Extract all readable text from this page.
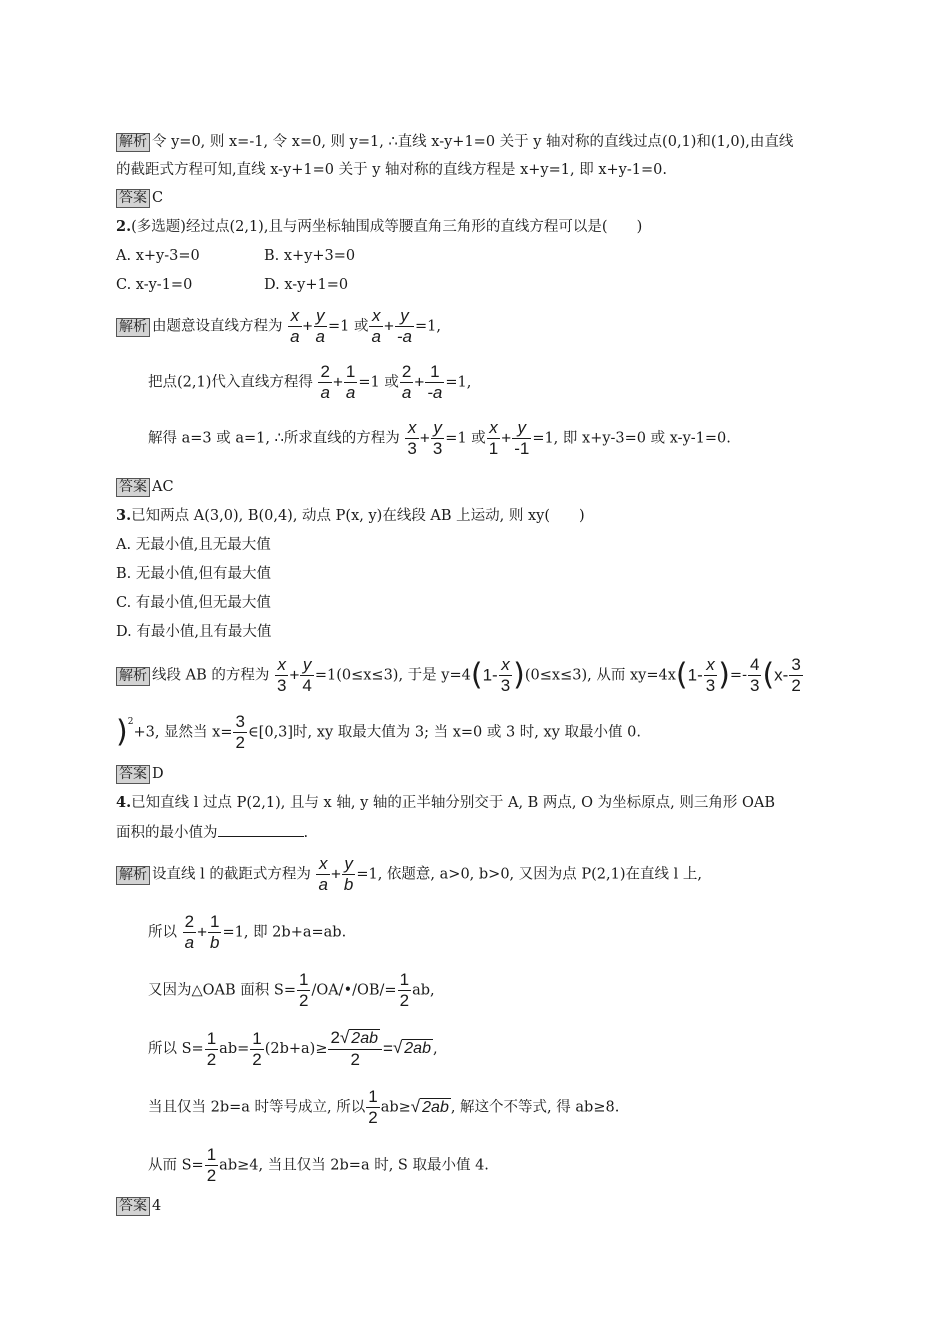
解析 令 y=0, 则 x=-1, 令 x=0, 则 y=1, ∴直线 x-y+1=0 关于 y 轴对称的直线过点(0,1)和(1,0),由直线
的截距式方程可知,直线 x-y+1=0 关于 y 轴对称的直线方程是 x+y=1, 即 x+y-1=0.
答案 C
2.(多选题)经过点(2,1),且与两坐标轴围成等腰直角三角形的直线方程可以是(　　)
A. x+y-3=0	B. x+y+3=0
C. x-y-1=0	D. x-y+1=0
解析 由题意设直线方程为 $\frac{x}{a} + \frac{y}{a} =1$ 或 $\frac{x}{a} + \frac{y}{-a} =1$,
把点(2,1)代入直线方程得 $\frac{2}{a} + \frac{1}{a} =1$ 或 $\frac{2}{a} + \frac{1}{-a} =1$,
解得 a=3 或 a=1, ∴所求直线的方程为 $\frac{x}{3} + \frac{y}{3} =1$ 或 $\frac{x}{1} + \frac{y}{-1} =1$, 即 x+y-3=0 或 x-y-1=0.
答案 AC
3.已知两点 A(3,0), B(0,4), 动点 P(x, y)在线段 AB 上运动, 则 xy(　　)
A. 无最小值,且无最大值
B. 无最小值,但有最大值
C. 有最小值,但无最大值
D. 有最小值,且有最大值
解析 线段 AB 的方程为 $\frac{x}{3} + \frac{y}{4} =1(0\le x\le 3)$, 于是 $y=4(1- \frac{x}{3} )(0\le x\le 3)$, 从而 $xy=4x(1- \frac{x}{3}$ )=- $\frac{4}{3} (x- \frac{3}{2}$
)$^2$+3, 显然当 $x= \frac{3}{2}$ ∈[0,3]时, xy 取最大值为 3; 当 x=0 或 3 时, xy 取最小值 0.
答案 D
4.已知直线 l 过点 P(2,1), 且与 x 轴, y 轴的正半轴分别交于 A, B 两点, O 为坐标原点, 则三角形 OAB
面积的最小值为	.
解析 设直线 l 的截距式方程为 $\frac{x}{a} + \frac{y}{b} =1$, 依题意, a>0, b>0, 又因为点 P(2,1)在直线 l 上,
所以 $\frac{2}{a} + \frac{1}{b} =1$, 即 2b+a=ab.
又因为△OAB 面积 $S= \frac{1}{2}$ /OA/•/OB/= $\frac{1}{2}$ ab,
所以 $S= \frac{1}{2} ab= \frac{1}{2} (2b+a)\ge \frac{2√ 2ab}{2}$ =√ 2ab ,
当且仅当 2b=a 时等号成立, 所以 $\frac{1}{2} ab\ge√$ 2ab , 解这个不等式, 得 ab≥8.
从而 $S= \frac{1}{2} ab\ge 4$, 当且仅当 2b=a 时, S 取最小值 4.
答案 4
